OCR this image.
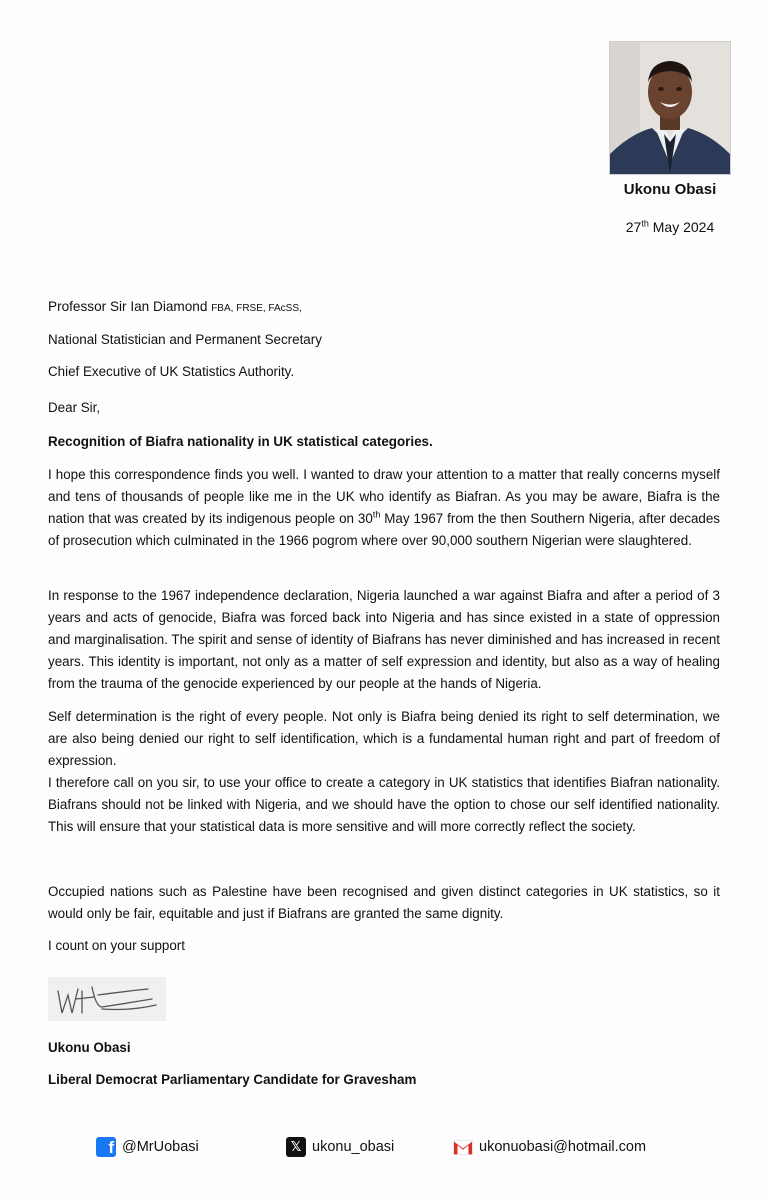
Ukonu Obasi
27th May 2024
Professor Sir Ian Diamond FBA, FRSE, FAcSS,
National Statistician and Permanent Secretary
Chief Executive of UK Statistics Authority.
Dear Sir,
Recognition of Biafra nationality in UK statistical categories.
I hope this correspondence finds you well. I wanted to draw your attention to a matter that really concerns myself and tens of thousands of people like me in the UK who identify as Biafran. As you may be aware, Biafra is the nation that was created by its indigenous people on 30th May 1967 from the then Southern Nigeria, after decades of prosecution which culminated in the 1966 pogrom where over 90,000 southern Nigerian were slaughtered.
In response to the 1967 independence declaration, Nigeria launched a war against Biafra and after a period of 3 years and acts of genocide, Biafra was forced back into Nigeria and has since existed in a state of oppression and marginalisation. The spirit and sense of identity of Biafrans has never diminished and has increased in recent years. This identity is important, not only as a matter of self expression and identity, but also as a way of healing from the trauma of the genocide experienced by our people at the hands of Nigeria.
Self determination is the right of every people. Not only is Biafra being denied its right to self determination, we are also being denied our right to self identification, which is a fundamental human right and part of freedom of expression.
I therefore call on you sir, to use your office to create a category in UK statistics that identifies Biafran nationality. Biafrans should not be linked with Nigeria, and we should have the option to chose our self identified nationality. This will ensure that your statistical data is more sensitive and will more correctly reflect the society.
Occupied nations such as Palestine have been recognised and given distinct categories in UK statistics, so it would only be fair, equitable and just if Biafrans are granted the same dignity.
I count on your support
Ukonu Obasi
Liberal Democrat Parliamentary Candidate for Gravesham
f @MrUobasi	𝕏 ukonu_obasi	ukonuobasi@hotmail.com
